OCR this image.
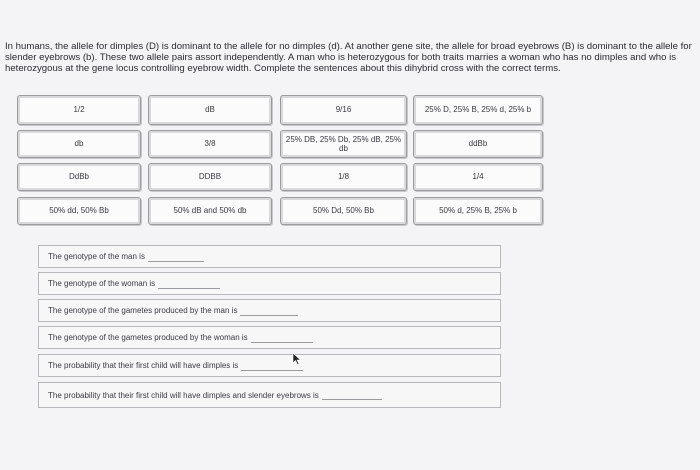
In humans, the allele for dimples (D) is dominant to the allele for no dimples (d). At another gene site, the allele for broad eyebrows (B) is dominant to the allele for slender eyebrows (b). These two allele pairs assort independently. A man who is heterozygous for both traits marries a woman who has no dimples and who is heterozygous at the gene locus controlling eyebrow width. Complete the sentences about this dihybrid cross with the correct terms.

1/2	dB	9/16	25% D, 25% B, 25% d, 25% b
db	3/8
25% DB, 25% Db, 25% dB, 25% db
ddBb
DdBb	DDBB	1/8	1/4
50% dd, 50% Bb	50% dB and 50% db	50% Dd, 50% Bb	50% d, 25% B, 25% b
The genotype of the man is
The genotype of the woman is
The genotype of the gametes produced by the man is
The genotype of the gametes produced by the woman is
The probability that their first child will have dimples is
The probability that their first child will have dimples and slender eyebrows is
